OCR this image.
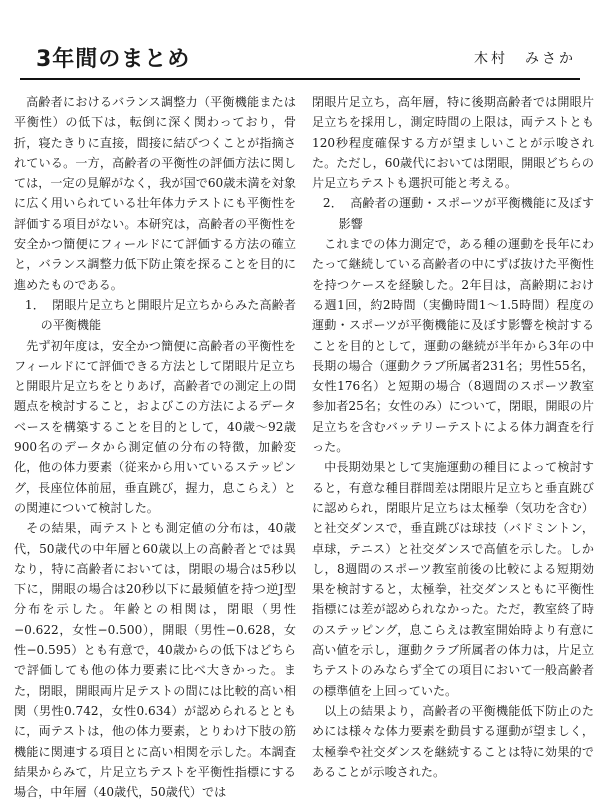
3年間のまとめ	木村　みさか

高齢者におけるバランス調整力（平衡機能または平衡性）の低下は，転倒に深く関わっており，骨折，寝たきりに直接，間接に結びつくことが指摘されている。一方，高齢者の平衡性の評価方法に関しては，一定の見解がなく，我が国で60歳未満を対象に広く用いられている壮年体力テストにも平衡性を評価する項目がない。本研究は，高齢者の平衡性を安全かつ簡便にフィールドにて評価する方法の確立と，バランス調整力低下防止策を探ることを目的に進めたものである。

1． 閉眼片足立ちと開眼片足立ちからみた高齢者の平衡機能

先ず初年度は，安全かつ簡便に高齢者の平衡性をフィールドにて評価できる方法として閉眼片足立ちと開眼片足立ちをとりあげ，高齢者での測定上の問題点を検討すること，およびこの方法によるデータベースを構築することを目的として，40歳〜92歳900名のデータから測定値の分布の特徴，加齢変化，他の体力要素（従来から用いているステッピング，長座位体前屈，垂直跳び，握力，息こらえ）との関連について検討した。

その結果，両テストとも測定値の分布は，40歳代，50歳代の中年層と60歳以上の高齢者とでは異なり，特に高齢者においては，閉眼の場合は5秒以下に，開眼の場合は20秒以下に最頻値を持つ逆J型分布を示した。年齢との相関は，閉眼（男性−0.622，女性−0.500），開眼（男性−0.628，女性−0.595）とも有意で，40歳からの低下はどちらで評価しても他の体力要素に比べ大きかった。また，閉眼，開眼両片足テストの間には比較的高い相関（男性0.742，女性0.634）が認められるとともに，両テストは，他の体力要素，とりわけ下肢の筋機能に関連する項目とに高い相関を示した。本調査結果からみて，片足立ちテストを平衡性指標にする場合，中年層（40歳代，50歳代）では

閉眼片足立ち，高年層，特に後期高齢者では開眼片足立ちを採用し，測定時間の上限は，両テストとも120秒程度確保する方が望ましいことが示唆された。ただし，60歳代においては閉眼，開眼どちらの片足立ちテストも選択可能と考える。

2． 高齢者の運動・スポーツが平衡機能に及ぼす影響

これまでの体力測定で，ある種の運動を長年にわたって継続している高齢者の中にずば抜けた平衡性を持つケースを経験した。2年目は，高齢期における週1回，約2時間（実働時間1〜1.5時間）程度の運動・スポーツが平衡機能に及ぼす影響を検討することを目的として，運動の継続が半年から3年の中長期の場合（運動クラブ所属者231名；男性55名，女性176名）と短期の場合（8週間のスポーツ教室参加者25名；女性のみ）について，閉眼，開眼の片足立ちを含むバッテリーテストによる体力調査を行った。

中長期効果として実施運動の種目によって検討すると，有意な種目群間差は閉眼片足立ちと垂直跳びに認められ，閉眼片足立ちは太極拳（気功を含む）と社交ダンスで，垂直跳びは球技（バドミントン，卓球，テニス）と社交ダンスで高値を示した。しかし，8週間のスポーツ教室前後の比較による短期効果を検討すると，太極拳，社交ダンスともに平衡性指標には差が認められなかった。ただ，教室終了時のステッピング，息こらえは教室開始時より有意に高い値を示し，運動クラブ所属者の体力は，片足立ちテストのみならず全ての項目において一般高齢者の標準値を上回っていた。

以上の結果より，高齢者の平衡機能低下防止のためには様々な体力要素を動員する運動が望ましく，太極拳や社交ダンスを継続することは特に効果的であることが示唆された。
